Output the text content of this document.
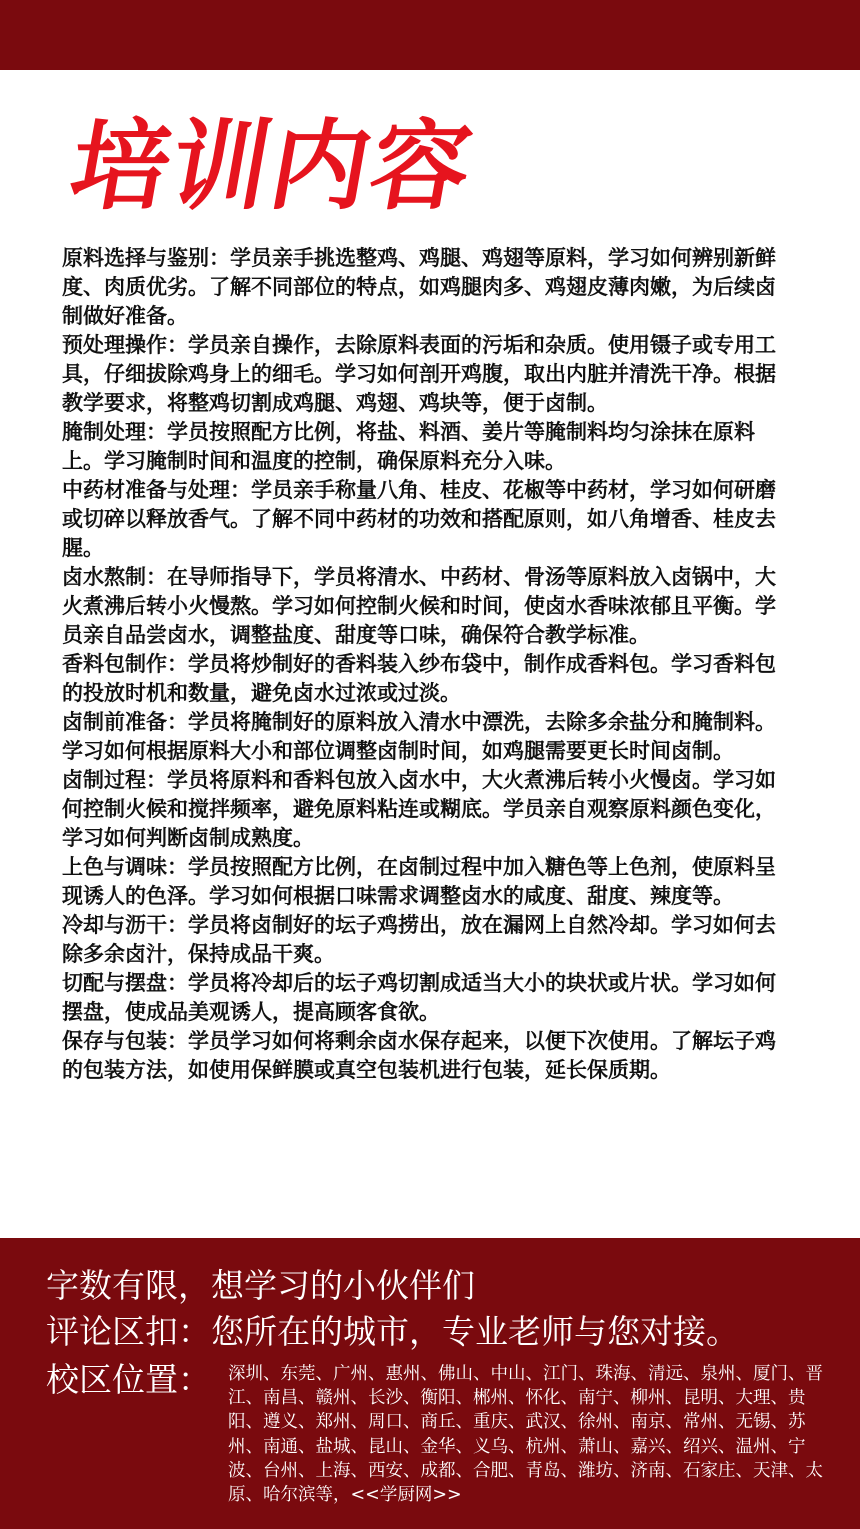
培训内容

原料选择与鉴别：学员亲手挑选整鸡、鸡腿、鸡翅等原料，学习如何辨别新鲜度、肉质优劣。了解不同部位的特点，如鸡腿肉多、鸡翅皮薄肉嫩，为后续卤制做好准备。

预处理操作：学员亲自操作，去除原料表面的污垢和杂质。使用镊子或专用工具，仔细拔除鸡身上的细毛。学习如何剖开鸡腹，取出内脏并清洗干净。根据教学要求，将整鸡切割成鸡腿、鸡翅、鸡块等，便于卤制。

腌制处理：学员按照配方比例，将盐、料酒、姜片等腌制料均匀涂抹在原料上。学习腌制时间和温度的控制，确保原料充分入味。

中药材准备与处理：学员亲手称量八角、桂皮、花椒等中药材，学习如何研磨或切碎以释放香气。了解不同中药材的功效和搭配原则，如八角增香、桂皮去腥。

卤水熬制：在导师指导下，学员将清水、中药材、骨汤等原料放入卤锅中，大火煮沸后转小火慢熬。学习如何控制火候和时间，使卤水香味浓郁且平衡。学员亲自品尝卤水，调整盐度、甜度等口味，确保符合教学标准。

香料包制作：学员将炒制好的香料装入纱布袋中，制作成香料包。学习香料包的投放时机和数量，避免卤水过浓或过淡。

卤制前准备：学员将腌制好的原料放入清水中漂洗，去除多余盐分和腌制料。学习如何根据原料大小和部位调整卤制时间，如鸡腿需要更长时间卤制。

卤制过程：学员将原料和香料包放入卤水中，大火煮沸后转小火慢卤。学习如何控制火候和搅拌频率，避免原料粘连或糊底。学员亲自观察原料颜色变化，学习如何判断卤制成熟度。

上色与调味：学员按照配方比例，在卤制过程中加入糖色等上色剂，使原料呈现诱人的色泽。学习如何根据口味需求调整卤水的咸度、甜度、辣度等。

冷却与沥干：学员将卤制好的坛子鸡捞出，放在漏网上自然冷却。学习如何去除多余卤汁，保持成品干爽。

切配与摆盘：学员将冷却后的坛子鸡切割成适当大小的块状或片状。学习如何摆盘，使成品美观诱人，提高顾客食欲。

保存与包装：学员学习如何将剩余卤水保存起来，以便下次使用。了解坛子鸡的包装方法，如使用保鲜膜或真空包装机进行包装，延长保质期。

字数有限，想学习的小伙伴们
评论区扣：您所在的城市，专业老师与您对接。
校区位置： 深圳、东莞、广州、惠州、佛山、中山、江门、珠海、清远、泉州、厦门、晋江、南昌、赣州、长沙、衡阳、郴州、怀化、南宁、柳州、昆明、大理、贵阳、遵义、郑州、周口、商丘、重庆、武汉、徐州、南京、常州、无锡、苏州、南通、盐城、昆山、金华、义乌、杭州、萧山、嘉兴、绍兴、温州、宁波、台州、上海、西安、成都、合肥、青岛、潍坊、济南、石家庄、天津、太原、哈尔滨等，<<学厨网>>
